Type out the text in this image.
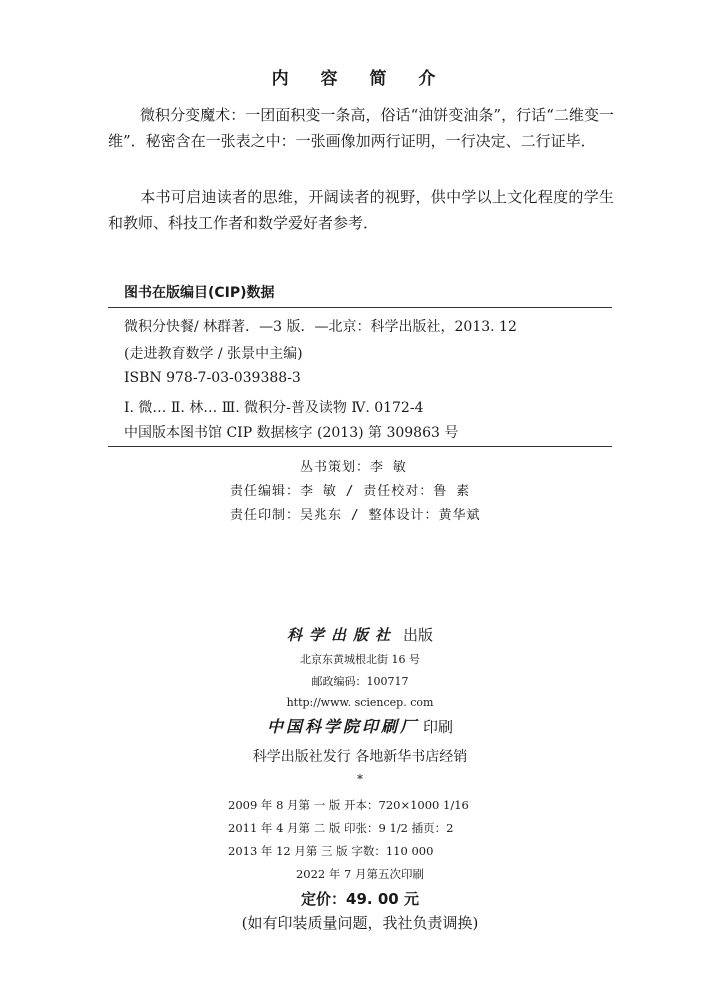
内 容 简 介

微积分变魔术：一团面积变一条高，俗话“油饼变油条”，行话“二维变一维”．秘密含在一张表之中：一张画像加两行证明，一行决定、二行证毕．

本书可启迪读者的思维，开阔读者的视野，供中学以上文化程度的学生和教师、科技工作者和数学爱好者参考．

图书在版编目(CIP)数据
微积分快餐/ 林群著．—3 版．—北京：科学出版社，2013. 12
(走进教育数学 / 张景中主编)
ISBN 978-7-03-039388-3
Ⅰ. 微… Ⅱ. 林… Ⅲ. 微积分-普及读物 Ⅳ. 0172-4
中国版本图书馆 CIP 数据核字 (2013) 第 309863 号
丛书策划：李 敏
责任编辑：李 敏 / 责任校对：鲁 素
责任印制：吴兆东 / 整体设计：黄华斌
科学出版社 出版
北京东黄城根北街 16 号
邮政编码：100717
http://www. sciencep. com
中国科学院印刷厂 印刷
科学出版社发行 各地新华书店经销
*
2009 年 8 月第 一 版 开本：720×1000 1/16
2011 年 4 月第 二 版 印张：9 1/2 插页：2
2013 年 12 月第 三 版 字数：110 000
2022 年 7 月第五次印刷
定价：49. 00 元
(如有印装质量问题，我社负责调换)
